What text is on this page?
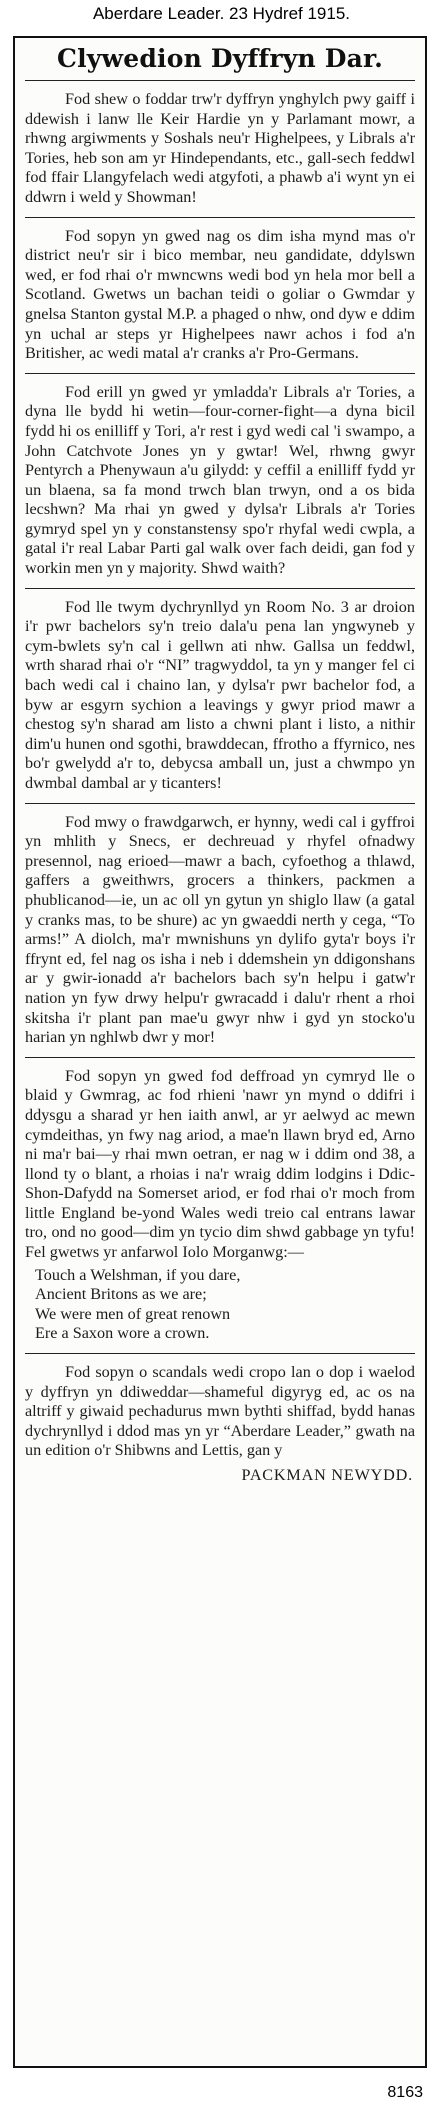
Aberdare Leader. 23 Hydref 1915.
Clywedion Dyffryn Dar.

Fod shew o foddar trw'r dyffryn ynghylch pwy gaiff i ddewish i lanw lle Keir Hardie yn y Parlamant mowr, a rhwng argiwments y Soshals neu'r Highelpees, y Librals a'r Tories, heb son am yr Hindependants, etc., gall-sech feddwl fod ffair Llangyfelach wedi atgyfoti, a phawb a'i wynt yn ei ddwrn i weld y Showman!

Fod sopyn yn gwed nag os dim isha mynd mas o'r district neu'r sir i bico membar, neu gandidate, ddylswn wed, er fod rhai o'r mwncwns wedi bod yn hela mor bell a Scotland. Gwetws un bachan teidi o goliar o Gwmdar y gnelsa Stanton gystal M.P. a phaged o nhw, ond dyw e ddim yn uchal ar steps yr Highelpees nawr achos i fod a'n Britisher, ac wedi matal a'r cranks a'r Pro-Germans.

Fod erill yn gwed yr ymladda'r Librals a'r Tories, a dyna lle bydd hi wetin—four-corner-fight—a dyna bicil fydd hi os enilliff y Tori, a'r rest i gyd wedi cal 'i swampo, a John Catchvote Jones yn y gwtar! Wel, rhwng gwyr Pentyrch a Phenywaun a'u gilydd: y ceffil a enilliff fydd yr un blaena, sa fa mond trwch blan trwyn, ond a os bida lecshwn? Ma rhai yn gwed y dylsa'r Librals a'r Tories gymryd spel yn y constanstensy spo'r rhyfal wedi cwpla, a gatal i'r real Labar Parti gal walk over fach deidi, gan fod y workin men yn y majority. Shwd waith?

Fod lle twym dychrynllyd yn Room No. 3 ar droion i'r pwr bachelors sy'n treio dala'u pena lan yngwyneb y cym-bwlets sy'n cal i gellwn ati nhw. Gallsa un feddwl, wrth sharad rhai o'r “NI” tragwyddol, ta yn y manger fel ci bach wedi cal i chaino lan, y dylsa'r pwr bachelor fod, a byw ar esgyrn sychion a leavings y gwyr priod mawr a chestog sy'n sharad am listo a chwni plant i listo, a nithir dim'u hunen ond sgothi, brawddecan, ffrotho a ffyrnico, nes bo'r gwelydd a'r to, debycsa amball un, just a chwmpo yn dwmbal dambal ar y ticanters!

Fod mwy o frawdgarwch, er hynny, wedi cal i gyffroi yn mhlith y Snecs, er dechreuad y rhyfel ofnadwy presennol, nag erioed—mawr a bach, cyfoethog a thlawd, gaffers a gweithwrs, grocers a thinkers, packmen a phublicanod—ie, un ac oll yn gytun yn shiglo llaw (a gatal y cranks mas, to be shure) ac yn gwaeddi nerth y cega, “To arms!” A diolch, ma'r mwnishuns yn dylifo gyta'r boys i'r ffrynt ed, fel nag os isha i neb i ddemshein yn ddigonshans ar y gwir-ionadd a'r bachelors bach sy'n helpu i gatw'r nation yn fyw drwy helpu'r gwracadd i dalu'r rhent a rhoi skitsha i'r plant pan mae'u gwyr nhw i gyd yn stocko'u harian yn nghlwb dwr y mor!

Fod sopyn yn gwed fod deffroad yn cymryd lle o blaid y Gwmrag, ac fod rhieni 'nawr yn mynd o ddifri i ddysgu a sharad yr hen iaith anwl, ar yr aelwyd ac mewn cymdeithas, yn fwy nag ariod, a mae'n llawn bryd ed, Arno ni ma'r bai—y rhai mwn oetran, er nag w i ddim ond 38, a llond ty o blant, a rhoias i na'r wraig ddim lodgins i Ddic-Shon-Dafydd na Somerset ariod, er fod rhai o'r moch from little England be-yond Wales wedi treio cal entrans lawar tro, ond no good—dim yn tycio dim shwd gabbage yn tyfu! Fel gwetws yr anfarwol Iolo Morganwg:—

Touch a Welshman, if you dare,
Ancient Britons as we are;
We were men of great renown
Ere a Saxon wore a crown.

Fod sopyn o scandals wedi cropo lan o dop i waelod y dyffryn yn ddiweddar—shameful digyryg ed, ac os na altriff y giwaid pechadurus mwn bythti shiffad, bydd hanas dychrynllyd i ddod mas yn yr “Aberdare Leader,” gwath na un edition o'r Shibwns and Lettis, gan y

PACKMAN NEWYDD.
8163
